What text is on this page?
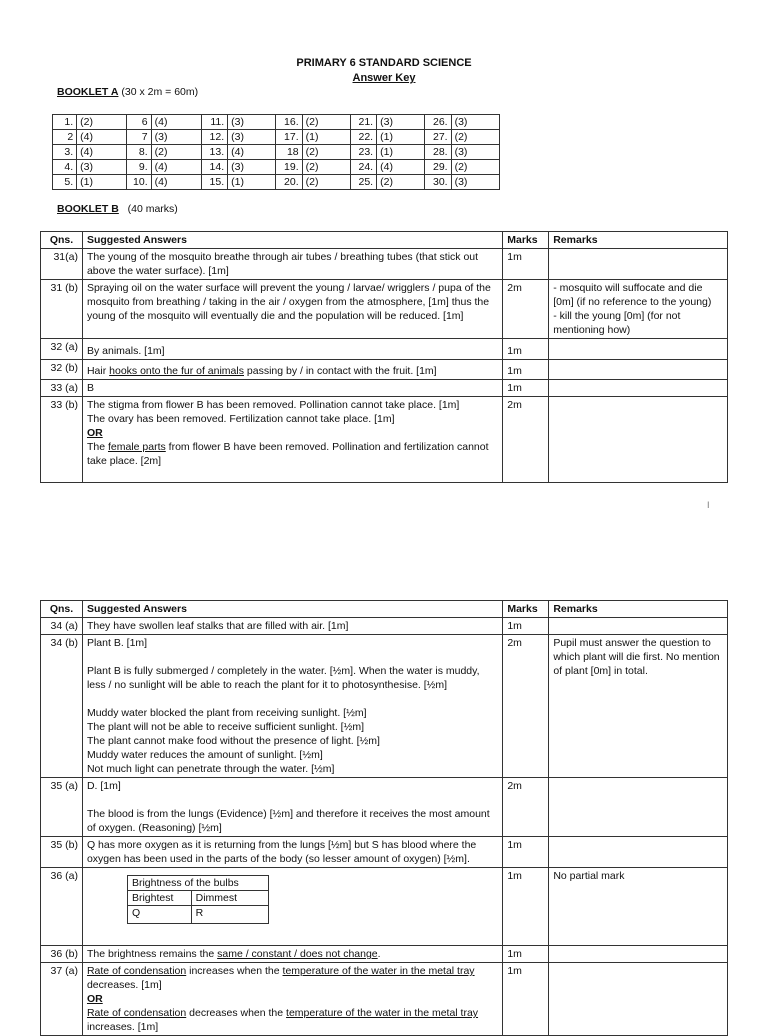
PRIMARY 6 STANDARD SCIENCE
Answer Key
BOOKLET A (30 x 2m = 60m)
1.	(2)	6	(4)	11.	(3)	16.	(2)	21.	(3)	26.	(3)
2	(4)	7	(3)	12.	(3)	17.	(1)	22.	(1)	27.	(2)
3.	(4)	8.	(2)	13.	(4)	18	(2)	23.	(1)	28.	(3)
4.	(3)	9.	(4)	14.	(3)	19.	(2)	24.	(4)	29.	(2)
5.	(1)	10.	(4)	15.	(1)	20.	(2)	25.	(2)	30.	(3)
BOOKLET B (40 marks)
Qns.	Suggested Answers	Marks	Remarks
31(a)	The young of the mosquito breathe through air tubes / breathing tubes (that stick out above the water surface). [1m]	1m	
31 (b)	Spraying oil on the water surface will prevent the young / larvae/ wrigglers / pupa of the mosquito from breathing / taking in the air / oxygen from the atmosphere, [1m] thus the young of the mosquito will eventually die and the population will be reduced. [1m]	2m	- mosquito will suffocate and die [0m] (if no reference to the young)
- kill the young [0m] (for not mentioning how)

32 (a)	By animals. [1m]	1m	
32 (b)	Hair hooks onto the fur of animals passing by / in contact with the fruit. [1m]	1m	
33 (a)	B	1m	
33 (b)	The stigma from flower B has been removed. Pollination cannot take place. [1m]
The ovary has been removed. Fertilization cannot take place. [1m]
OR
The female parts from flower B have been removed. Pollination and fertilization cannot take place. [2m]	2m	
I
Qns.	Suggested Answers	Marks	Remarks
34 (a)	They have swollen leaf stalks that are filled with air. [1m]	1m	
34 (b)	Plant B. [1m]
Plant B is fully submerged / completely in the water. [½m]. When the water is muddy, less / no sunlight will be able to reach the plant for it to photosynthesise. [½m]
Muddy water blocked the plant from receiving sunlight. [½m]
The plant will not be able to receive sufficient sunlight. [½m]
The plant cannot make food without the presence of light. [½m]
Muddy water reduces the amount of sunlight. [½m]
Not much light can penetrate through the water. [½m]
	2m	Pupil must answer the question to which plant will die first. No mention of plant [0m] in total.
35 (a)	D. [1m]
The blood is from the lungs (Evidence) [½m] and therefore it receives the most amount of oxygen. (Reasoning) [½m]
	2m	
35 (b)	Q has more oxygen as it is returning from the lungs [½m] but S has blood where the oxygen has been used in the parts of the body (so lesser amount of oxygen) [½m].	1m	
36 (a)	
Brightness of the bulbs
Brightest	Dimmest
Q	R
	1m	No partial mark
36 (b)	The brightness remains the same / constant / does not change.	1m	
37 (a)	Rate of condensation increases when the temperature of the water in the metal tray decreases. [1m]
OR
Rate of condensation decreases when the temperature of the water in the metal tray increases. [1m]
	1m	
